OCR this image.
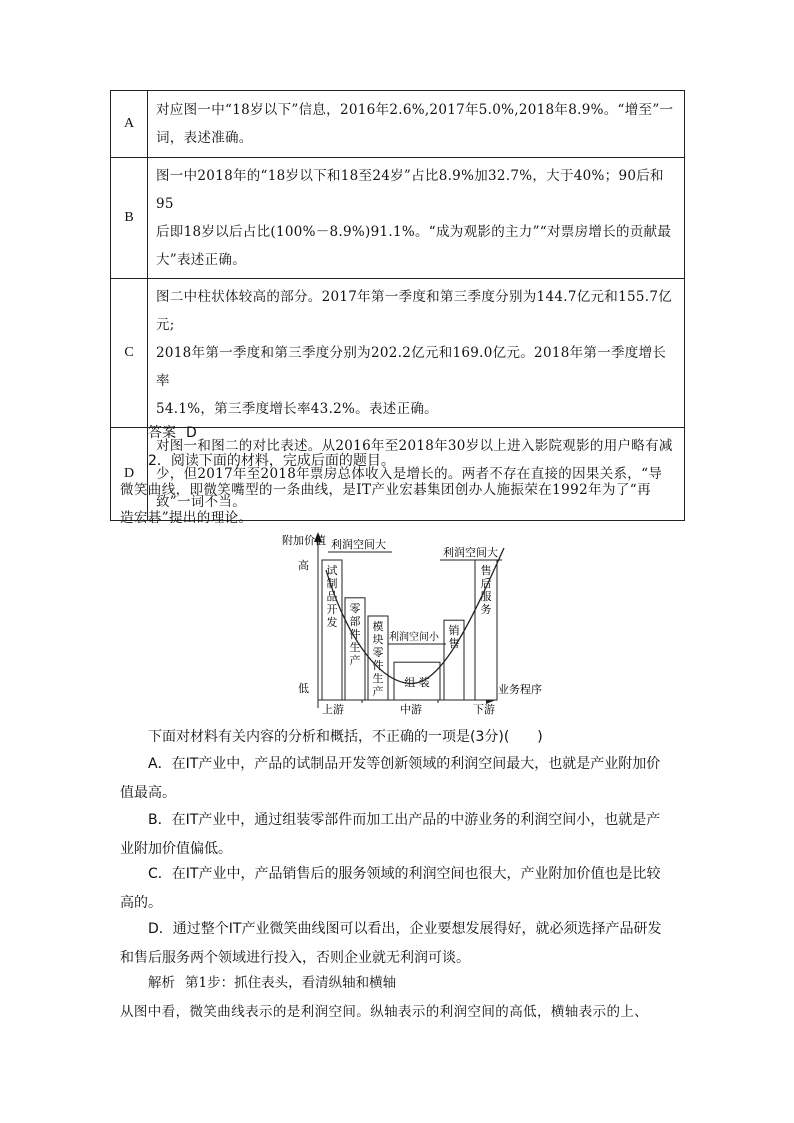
A	对应图一中“18岁以下”信息，2016年2.6%,2017年5.0%,2018年8.9%。“增至”一
词，表述准确。

B	图一中2018年的“18岁以下和18至24岁”占比8.9%加32.7%，大于40%；90后和95
后即18岁以后占比(100%－8.9%)91.1%。“成为观影的主力”“对票房增长的贡献最
大”表述正确。

C	图二中柱状体较高的部分。2017年第一季度和第三季度分别为144.7亿元和155.7亿元;
2018年第一季度和第三季度分别为202.2亿元和169.0亿元。2018年第一季度增长率
54.1%，第三季度增长率43.2%。表述正确。

D	对图一和图二的对比表述。从2016年至2018年30岁以上进入影院观影的用户略有减
少，但2017年至2018年票房总体收入是增长的。两者不存在直接的因果关系，“导
致”一词不当。
答案 D
2．阅读下面的材料，完成后面的题目。
微笑曲线，即微笑嘴型的一条曲线，是IT产业宏碁集团创办人施振荣在1992年为了“再
造宏碁”提出的理论。
附加价值
业务程序
高
低
上游	中游	下游
试
制
品
开
发
零
部
件
生
产
模
块
零
件
生
产
组 装
销
售
售
后
服
务
利润空间大
利润空间大
利润空间小
下面对材料有关内容的分析和概括，不正确的一项是(3分)(　　)
A．在IT产业中，产品的试制品开发等创新领域的利润空间最大，也就是产业附加价
值最高。
B．在IT产业中，通过组装零部件而加工出产品的中游业务的利润空间小，也就是产
业附加价值偏低。
C．在IT产业中，产品销售后的服务领域的利润空间也很大，产业附加价值也是比较
高的。
D．通过整个IT产业微笑曲线图可以看出，企业要想发展得好，就必须选择产品研发
和售后服务两个领域进行投入，否则企业就无利润可谈。
解析 第1步：抓住表头，看清纵轴和横轴
从图中看，微笑曲线表示的是利润空间。纵轴表示的利润空间的高低，横轴表示的上、
